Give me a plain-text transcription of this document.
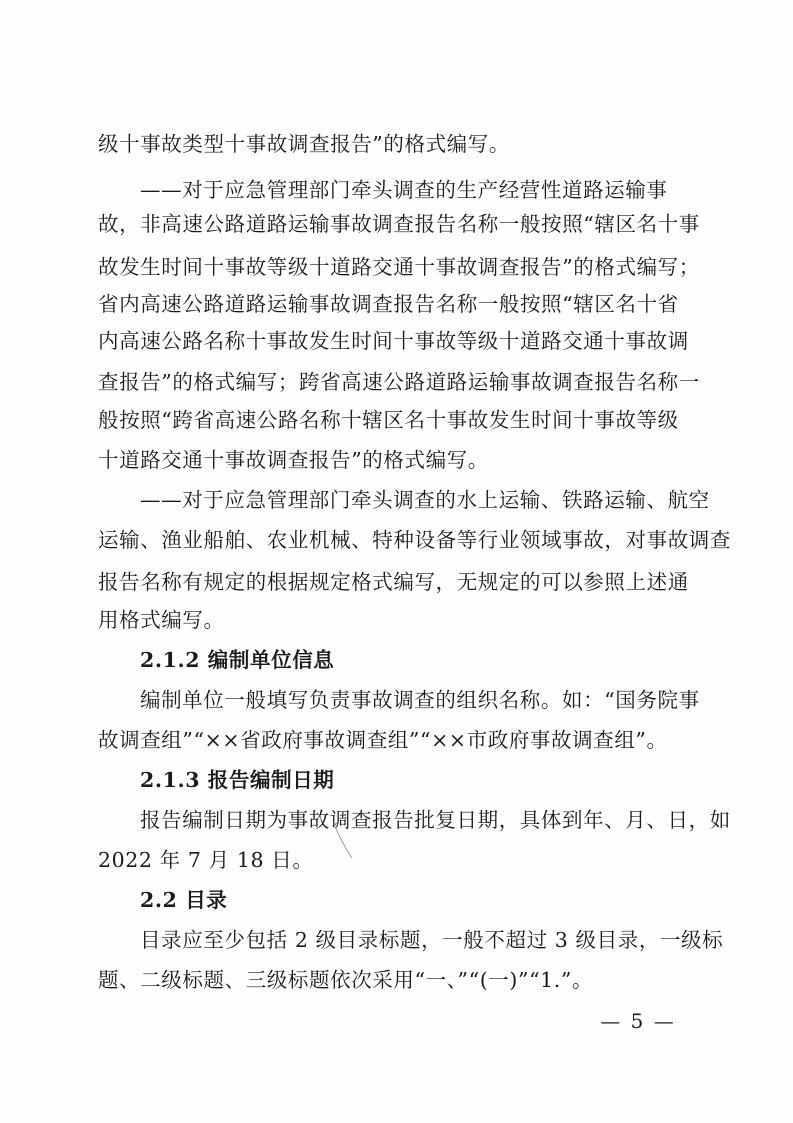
级十事故类型十事故调查报告”的格式编写。
——对于应急管理部门牵头调查的生产经营性道路运输事
故，非高速公路道路运输事故调查报告名称一般按照“辖区名十事
故发生时间十事故等级十道路交通十事故调查报告”的格式编写；
省内高速公路道路运输事故调查报告名称一般按照“辖区名十省
内高速公路名称十事故发生时间十事故等级十道路交通十事故调
查报告”的格式编写；跨省高速公路道路运输事故调查报告名称一
般按照“跨省高速公路名称十辖区名十事故发生时间十事故等级
十道路交通十事故调查报告”的格式编写。
——对于应急管理部门牵头调查的水上运输、铁路运输、航空
运输、渔业船舶、农业机械、特种设备等行业领域事故，对事故调查
报告名称有规定的根据规定格式编写，无规定的可以参照上述通
用格式编写。
2.1.2 编制单位信息
编制单位一般填写负责事故调查的组织名称。如：“国务院事
故调查组”“××省政府事故调查组”“××市政府事故调查组”。
2.1.3 报告编制日期
报告编制日期为事故调查报告批复日期，具体到年、月、日，如
2022 年 7 月 18 日。
2.2 目录
目录应至少包括 2 级目录标题，一般不超过 3 级目录，一级标
题、二级标题、三级标题依次采用“一、”“(一)”“1.”。
— 5 —
